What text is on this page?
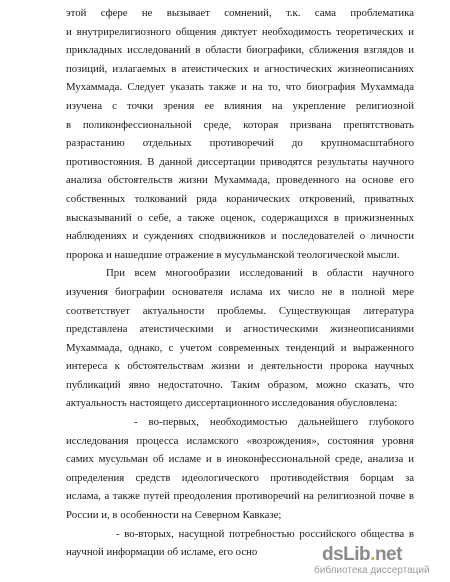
этой сфере не вызывает сомнений, т.к. сама проблематика
и внутрирелигиозного общения диктует необходимость теоретических и
прикладных исследований в области биографики, сближения взглядов и
позиций, излагаемых в атеистических и агностических жизнеописаниях
Мухаммада. Следует указать также и на то, что биография Мухаммада
изучена с точки зрения ее влияния на укрепление религиозной
в поликонфессиональной среде, которая призвана препятствовать
разрастанию отдельных противоречий до крупномасштабного
противостояния. В данной диссертации приводятся результаты научного
анализа обстоятельств жизни Мухаммада, проведенного на основе его
собственных толкований ряда коранических откровений, приватных
высказываний о себе, а также оценок, содержащихся в прижизненных
наблюдениях и суждениях сподвижников и последователей о личности
пророка и нашедшие отражение в мусульманской теологической мысли.
При всем многообразии исследований в области научного
изучения биографии основателя ислама их число не в полной мере
соответствует актуальности проблемы. Существующая литература
представлена атеистическими и агностическими жизнеописаниями
Мухаммада, однако, с учетом современных тенденций и выраженного
интереса к обстоятельствам жизни и деятельности пророка научных
публикаций явно недостаточно. Таким образом, можно сказать, что
актуальность настоящего диссертационного исследования обусловлена:
- во-первых, необходимостью дальнейшего глубокого
исследования процесса исламского «возрождения», состояния уровня
самих мусульман об исламе и в иноконфессиональной среде, анализа и
определения средств идеологического противодействия борцам за
ислама, а также путей преодоления противоречий на религиозной почве в
России и, в особенности на Северном Кавказе;
- во-вторых, насущной потребностью российского общества в
научной информации об исламе, его осно	dsLib.net
библиотека диссертаций
